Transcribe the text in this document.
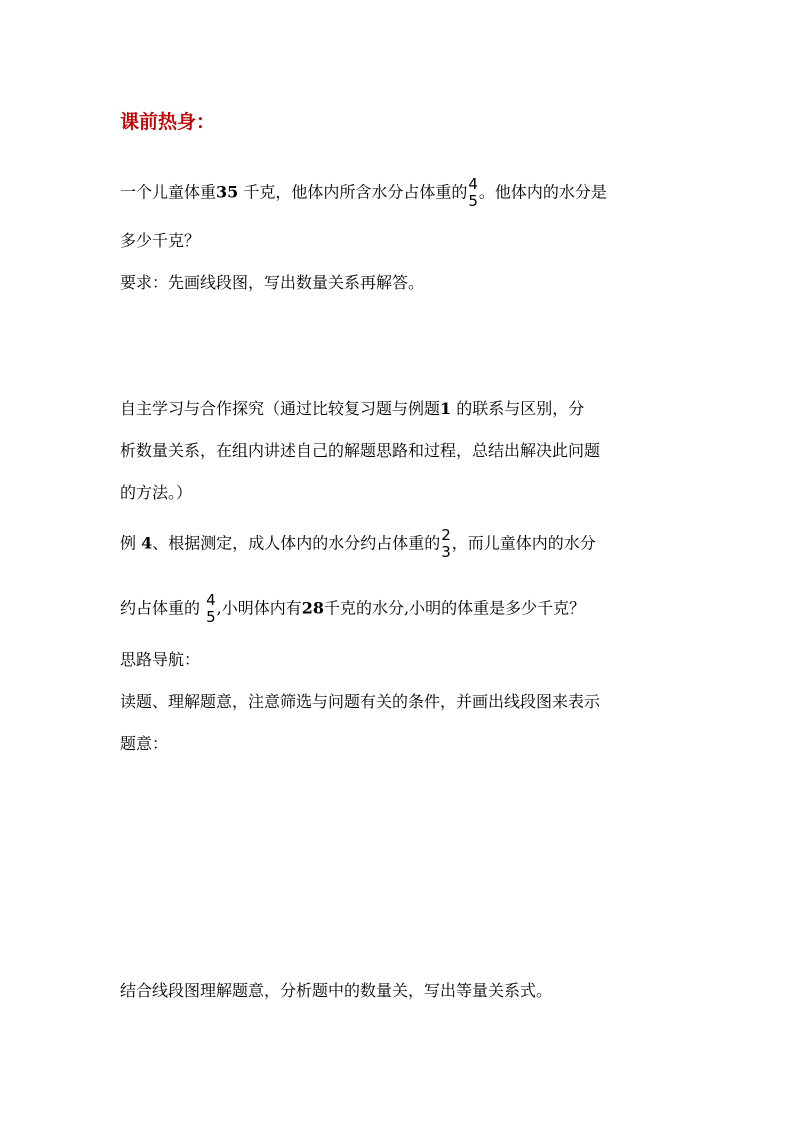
课前热身：
一个儿童体重35 千克，他体内所含水分占体重的 4
5 。他体内的水分是
多少千克？
要求：先画线段图，写出数量关系再解答。
自主学习与合作探究（通过比较复习题与例题1 的联系与区别，分
析数量关系，在组内讲述自己的解题思路和过程，总结出解决此问题
的方法。）
例 4、根据测定，成人体内的水分约占体重的 2
3 ，而儿童体内的水分
约占体重的 4
5 ,小明体内有28千克的水分,小明的体重是多少千克？
思路导航：
读题、理解题意，注意筛选与问题有关的条件，并画出线段图来表示
题意：
结合线段图理解题意，分析题中的数量关，写出等量关系式。
